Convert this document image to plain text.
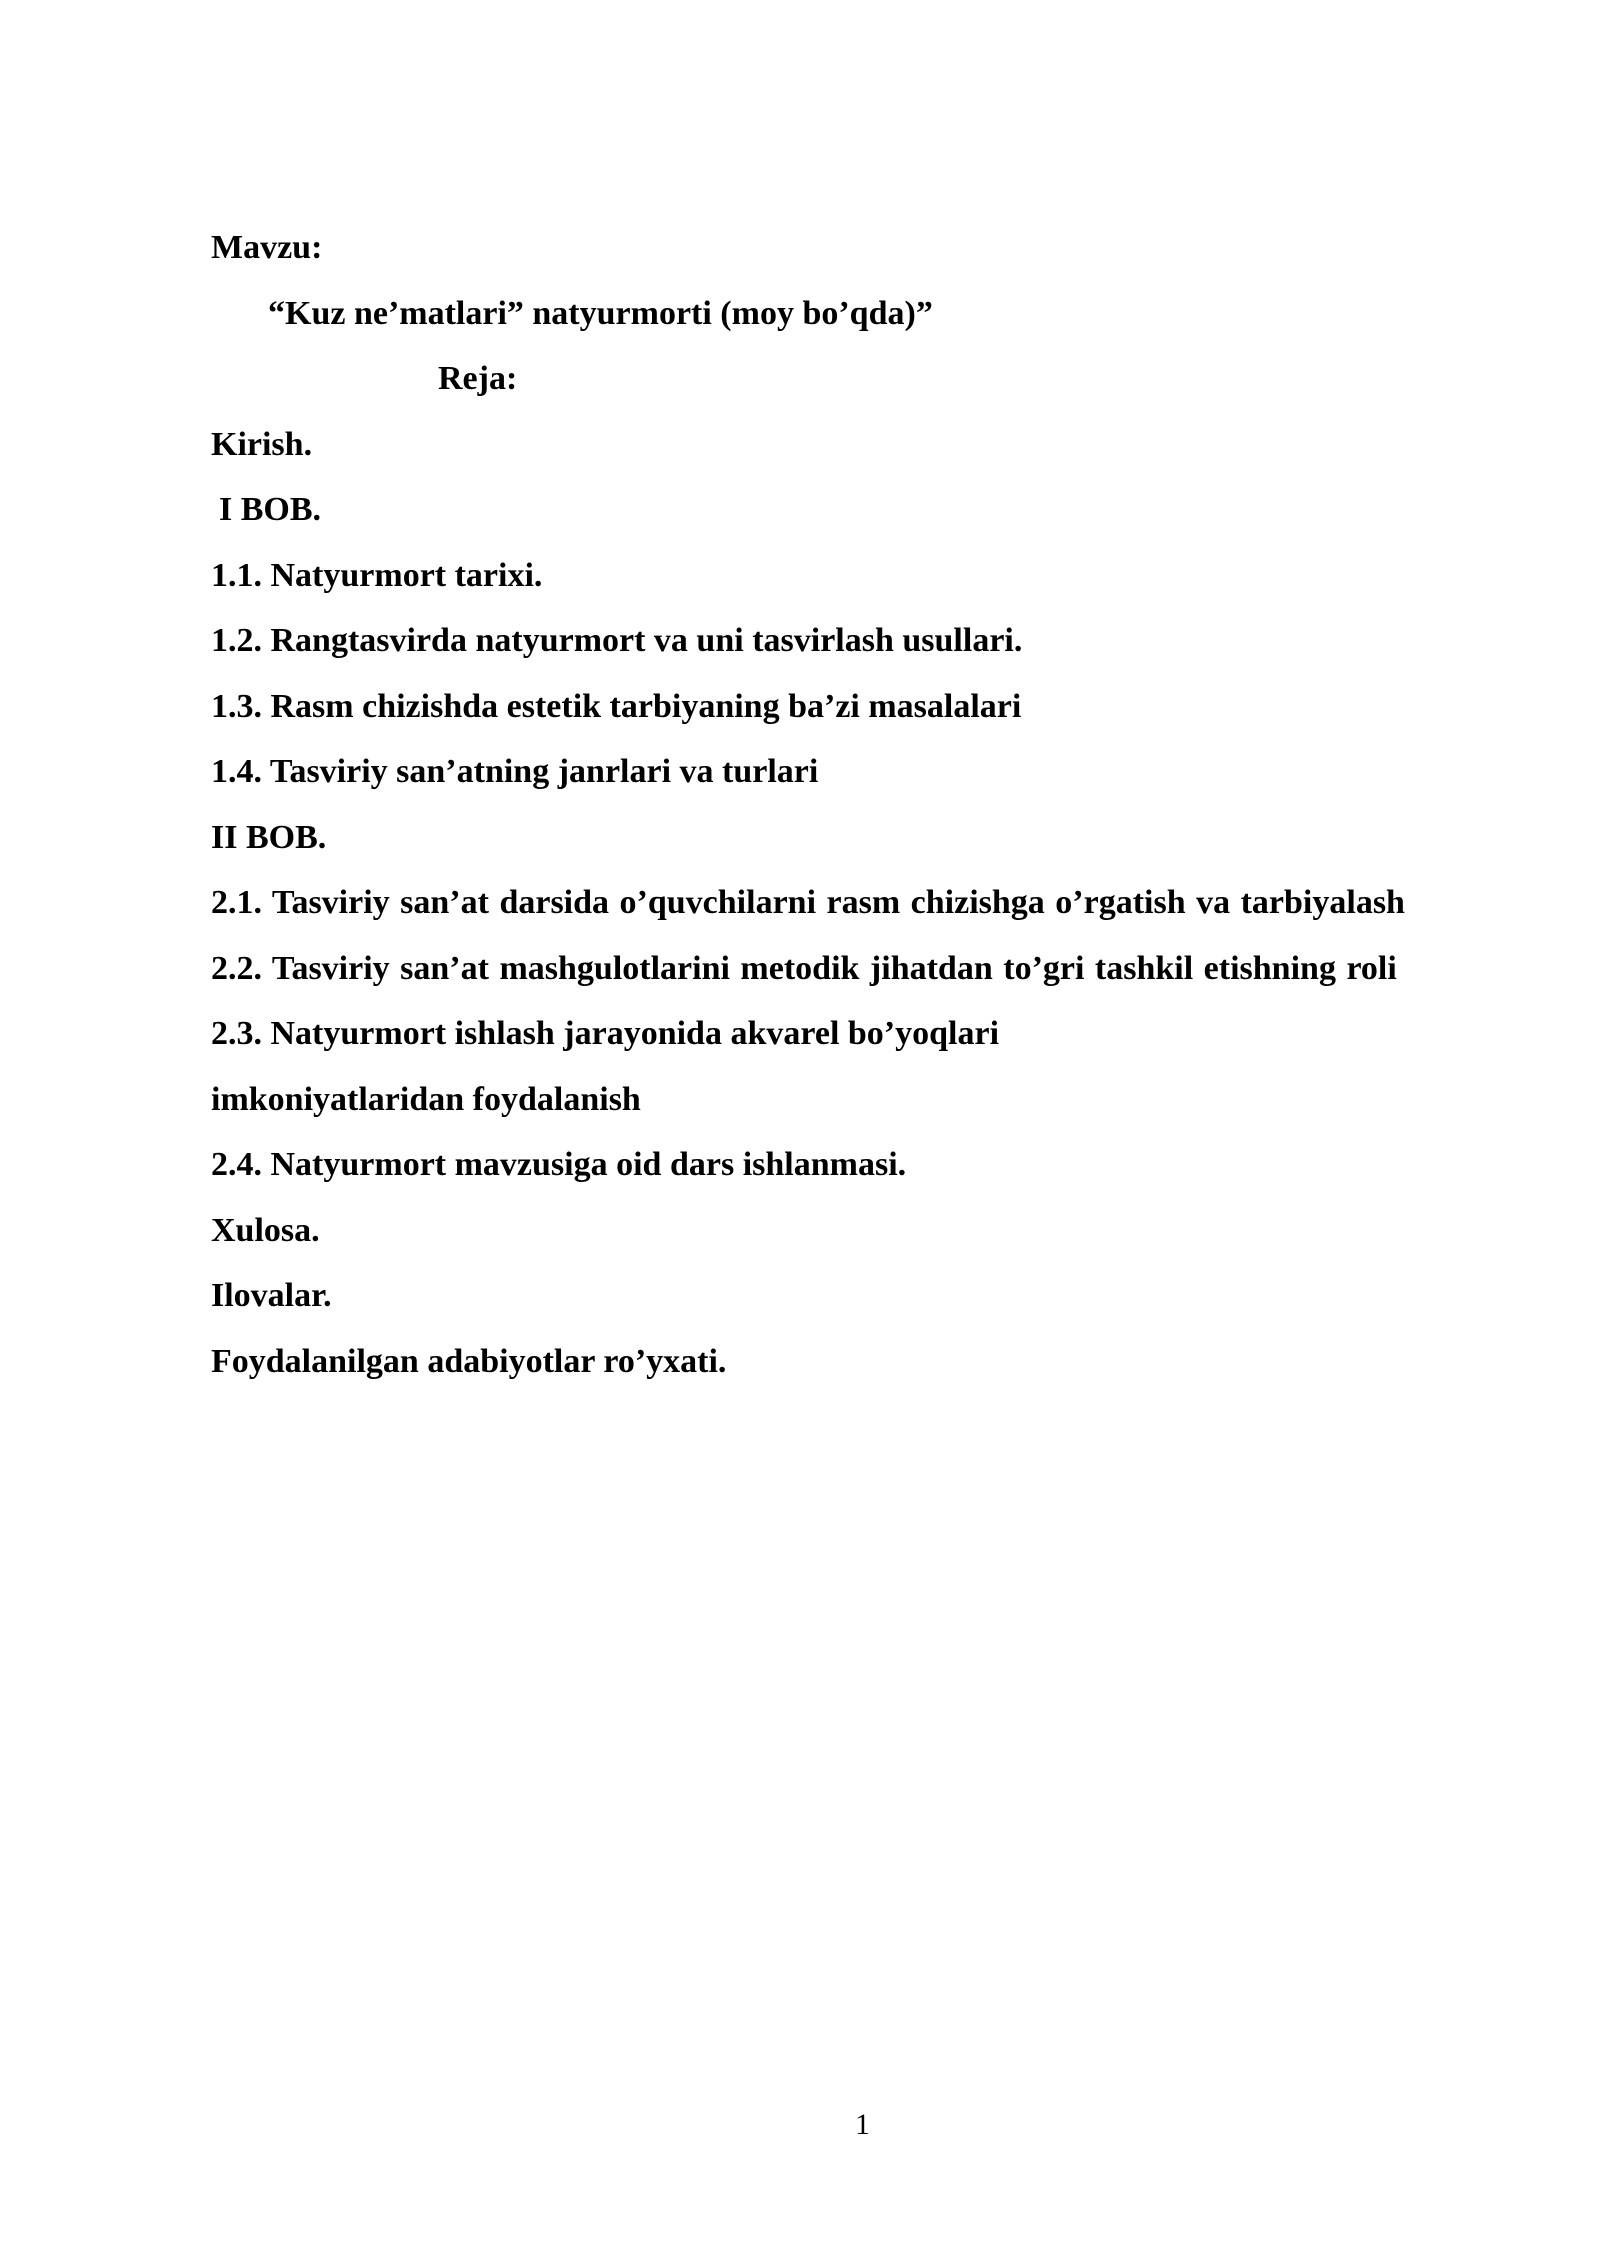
Mavzu:

“Kuz ne’matlari” natyurmorti (moy bo’qda)”

Reja:

Kirish.

I BOB.

1.1. Natyurmort tarixi.

1.2. Rangtasvirda natyurmort va uni tasvirlash usullari.

1.3. Rasm chizishda estetik tarbiyaning ba’zi masalalari

1.4. Tasviriy san’atning janrlari va turlari

II BOB.

2.1. Tasviriy san’at darsida o’quvchilarni rasm chizishga o’rgatish va tarbiyalash

2.2. Tasviriy san’at mashgulotlarini metodik jihatdan to’gri tashkil etishning roli

2.3. Natyurmort ishlash jarayonida akvarel bo’yoqlari

imkoniyatlaridan foydalanish

2.4. Natyurmort mavzusiga oid dars ishlanmasi.

Xulosa.

Ilovalar.

Foydalanilgan adabiyotlar ro’yxati.

1
